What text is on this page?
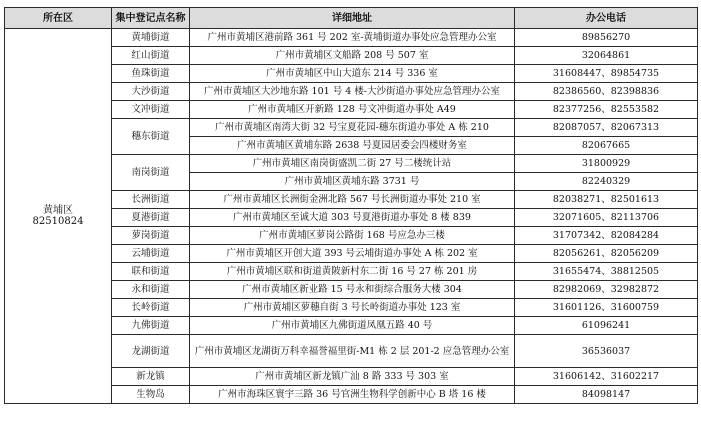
所在区	集中登记点名称	详细地址	办公电话

黄埔区
82510824	黄埔街道	广州市黄埔区港前路 361 号 202 室-黄埔街道办事处应急管理办公室	89856270
	红山街道	广州市黄埔区文船路 208 号 507 室	32064861
	鱼珠街道	广州市黄埔区中山大道东 214 号 336 室	31608447、89854735
	大沙街道	广州市黄埔区大沙地东路 101 号 4 楼-大沙街道办事处应急管理办公室	82386560、82398836
	文冲街道	广州市黄埔区开新路 128 号文冲街道办事处 A49	82377256、82553582
	穗东街道	广州市黄埔区南湾大街 32 号宝夏花园-穗东街道办事处 A 栋 210	82087057、82067313
		广州市黄埔区黄埔东路 2638 号夏园居委会四楼财务室	82067665
	南岗街道	广州市黄埔区南岗街盛凯二街 27 号二楼统计站	31800929
		广州市黄埔区黄埔东路 3731 号	82240329
	长洲街道	广州市黄埔区长洲街金洲北路 567 号长洲街道办事处 210 室	82038271、82501613
	夏港街道	广州市黄埔区至诚大道 303 号夏港街道办事处 8 楼 839	32071605、82113706
	萝岗街道	广州市黄埔区萝岗公路街 168 号应急办三楼	31707342、82084284
	云埔街道	广州市黄埔区开创大道 393 号云埔街道办事处 A 栋 202 室	82056261、82056209
	联和街道	广州市黄埔区联和街道黄陂新村东二街 16 号 27 栋 201 房	31655474、38812505
	永和街道	广州市黄埔区新业路 15 号永和街综合服务大楼 304	82982069、32982872
	长岭街道	广州市黄埔区萝穗自街 3 号长岭街道办事处 123 室	31601126、31600759
	九佛街道	广州市黄埔区九佛街道凤凰五路 40 号	61096241
	龙湖街道	广州市黄埔区龙湖街万科幸福誉福里街-M1 栋 2 层 201-2 应急管理办公室	36536037
	新龙镇	广州市黄埔区新龙镇广汕 8 路 333 号 303 室	31606142、31602217
	生物岛	广州市海珠区寰宇三路 36 号官洲生物科学创新中心 B 塔 16 楼	84098147
